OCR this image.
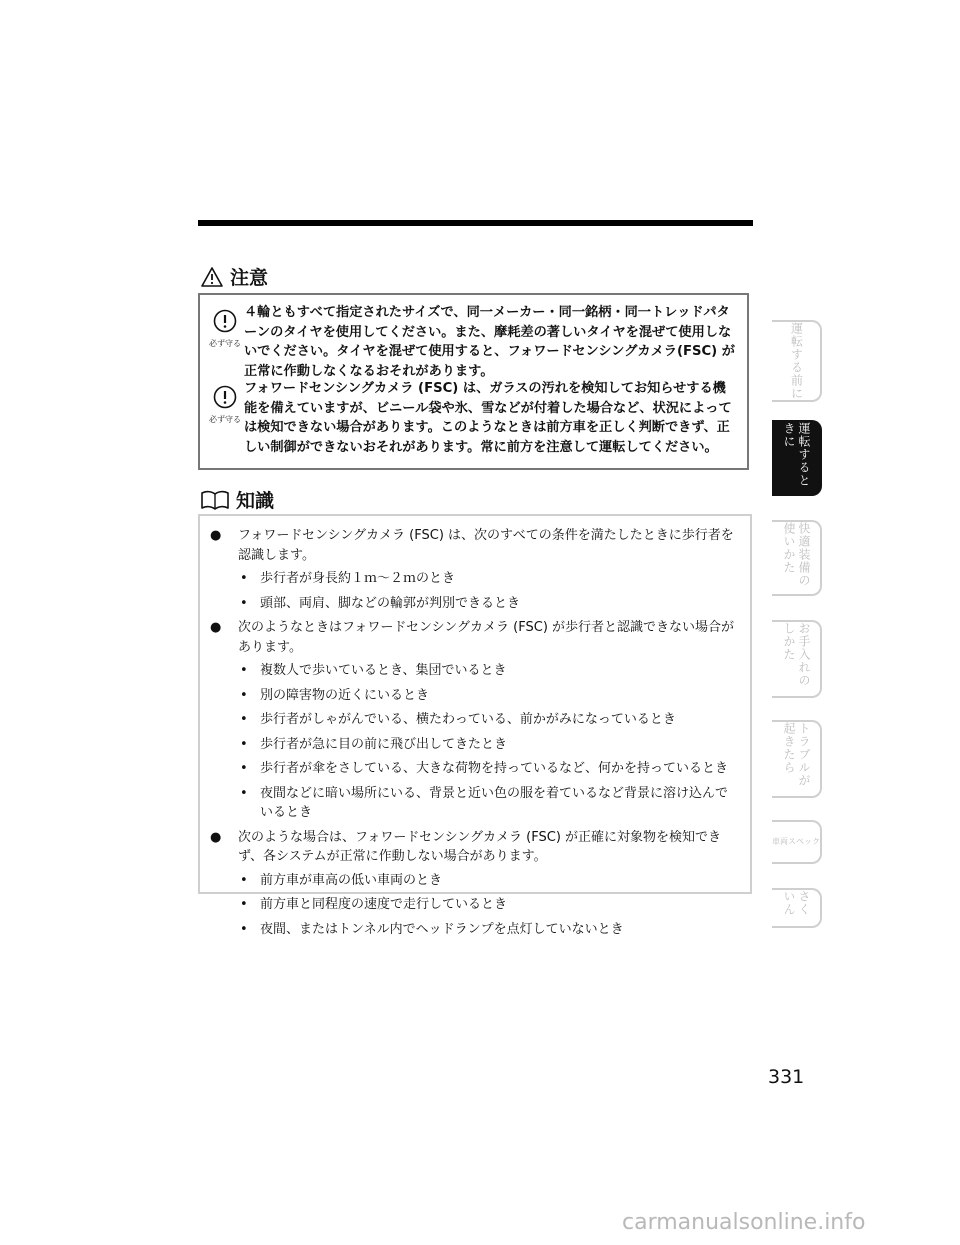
注意
必ず守る
４輪ともすべて指定されたサイズで、同一メーカー・同一銘柄・同一トレッドパターンのタイヤを使用してください。また、摩耗差の著しいタイヤを混ぜて使用しないでください。タイヤを混ぜて使用すると、フォワードセンシングカメラ(FSC) が正常に作動しなくなるおそれがあります。
必ず守る
フォワードセンシングカメラ (FSC) は、ガラスの汚れを検知してお知らせする機能を備えていますが、ビニール袋や氷、雪などが付着した場合など、状況によっては検知できない場合があります。このようなときは前方車を正しく判断できず、正しい制御ができないおそれがあります。常に前方を注意して運転してください。
知識
● フォワードセンシングカメラ (FSC) は、次のすべての条件を満たしたときに歩行者を認識します。
• 歩行者が身長約１ｍ～２ｍのとき
• 頭部、両肩、脚などの輪郭が判別できるとき
● 次のようなときはフォワードセンシングカメラ (FSC) が歩行者と認識できない場合があります。
• 複数人で歩いているとき、集団でいるとき
• 別の障害物の近くにいるとき
• 歩行者がしゃがんでいる、横たわっている、前かがみになっているとき
• 歩行者が急に目の前に飛び出してきたとき
• 歩行者が傘をさしている、大きな荷物を持っているなど、何かを持っているとき
• 夜間などに暗い場所にいる、背景と近い色の服を着ているなど背景に溶け込んでいるとき
● 次のような場合は、フォワードセンシングカメラ (FSC) が正確に対象物を検知できず、各システムが正常に作動しない場合があります。
• 前方車が車高の低い車両のとき
• 前方車と同程度の速度で走行しているとき
• 夜間、またはトンネル内でヘッドランプを点灯していないとき
運転する前に
運転するときに
快適装備の使いかた
お手入れのしかた
トラブルが起きたら
車両スペック
さくいん
331
carmanualsonline.info
